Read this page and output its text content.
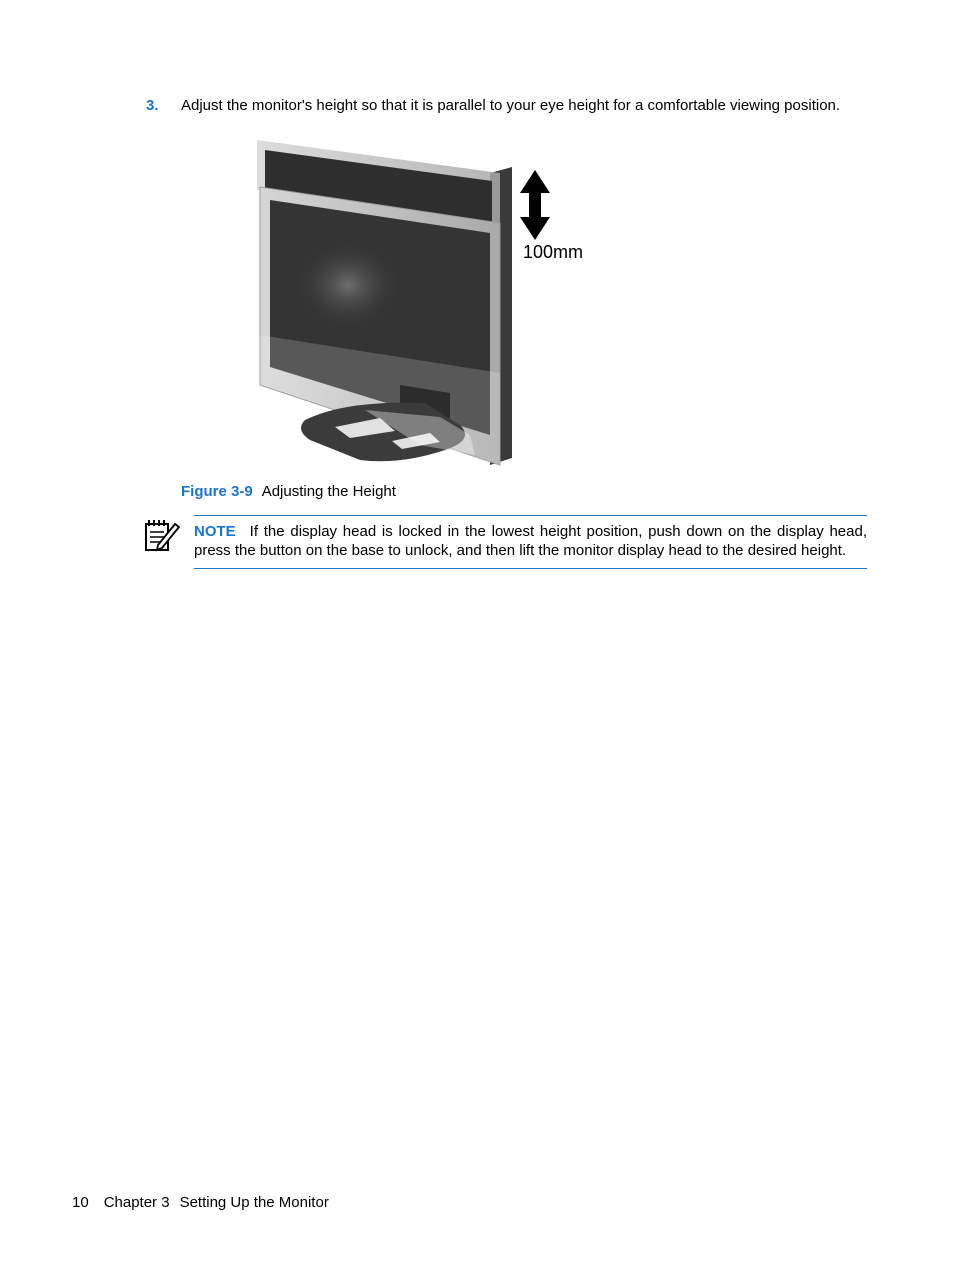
3. Adjust the monitor's height so that it is parallel to your eye height for a comfortable viewing position.
100mm
Figure 3-9 Adjusting the Height
NOTE If the display head is locked in the lowest height position, push down on the display head, press the button on the base to unlock, and then lift the monitor display head to the desired height.
10 Chapter 3 Setting Up the Monitor
